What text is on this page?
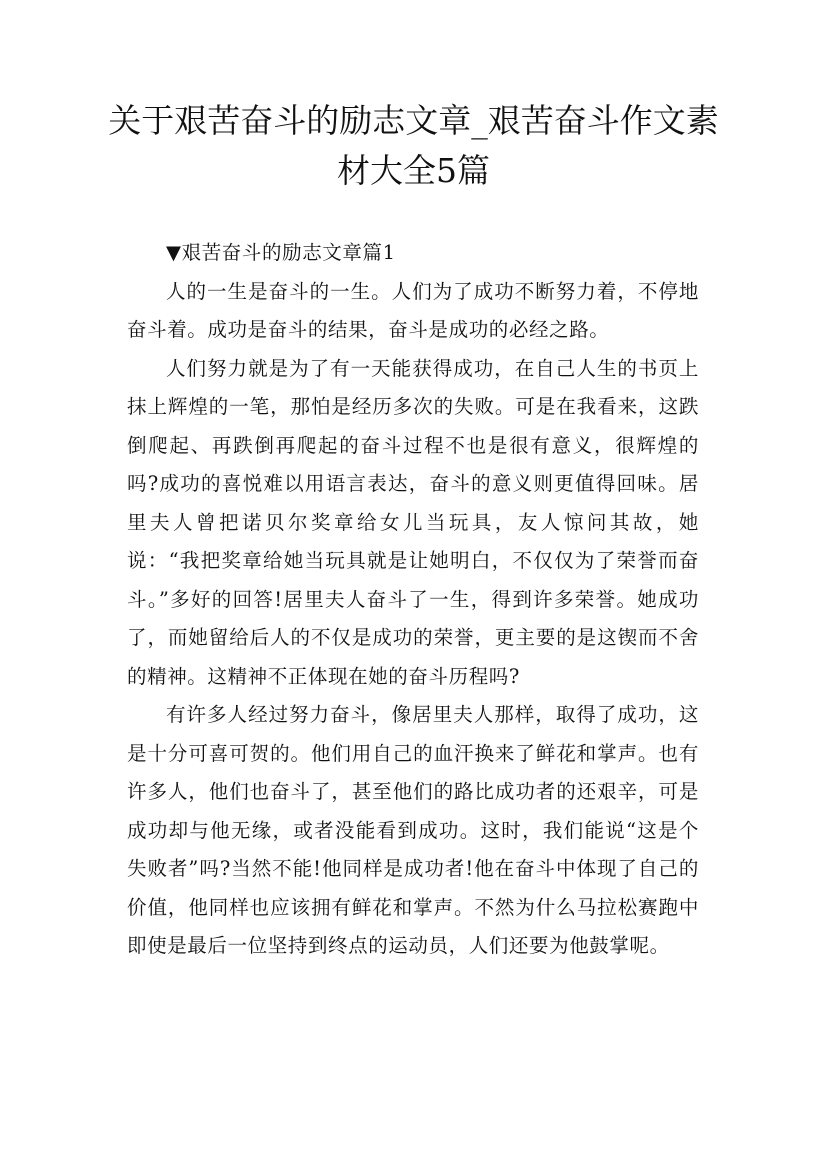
关于艰苦奋斗的励志文章_艰苦奋斗作文素材大全5篇
▼艰苦奋斗的励志文章篇1

人的一生是奋斗的一生。人们为了成功不断努力着，不停地奋斗着。成功是奋斗的结果，奋斗是成功的必经之路。

人们努力就是为了有一天能获得成功，在自己人生的书页上抹上辉煌的一笔，那怕是经历多次的失败。可是在我看来，这跌倒爬起、再跌倒再爬起的奋斗过程不也是很有意义，很辉煌的吗?成功的喜悦难以用语言表达，奋斗的意义则更值得回味。居里夫人曾把诺贝尔奖章给女儿当玩具，友人惊问其故，她说：“我把奖章给她当玩具就是让她明白，不仅仅为了荣誉而奋斗。”多好的回答!居里夫人奋斗了一生，得到许多荣誉。她成功了，而她留给后人的不仅是成功的荣誉，更主要的是这锲而不舍的精神。这精神不正体现在她的奋斗历程吗?

有许多人经过努力奋斗，像居里夫人那样，取得了成功，这是十分可喜可贺的。他们用自己的血汗换来了鲜花和掌声。也有许多人，他们也奋斗了，甚至他们的路比成功者的还艰辛，可是成功却与他无缘，或者没能看到成功。这时，我们能说“这是个失败者”吗?当然不能!他同样是成功者!他在奋斗中体现了自己的价值，他同样也应该拥有鲜花和掌声。不然为什么马拉松赛跑中即使是最后一位坚持到终点的运动员，人们还要为他鼓掌呢。
